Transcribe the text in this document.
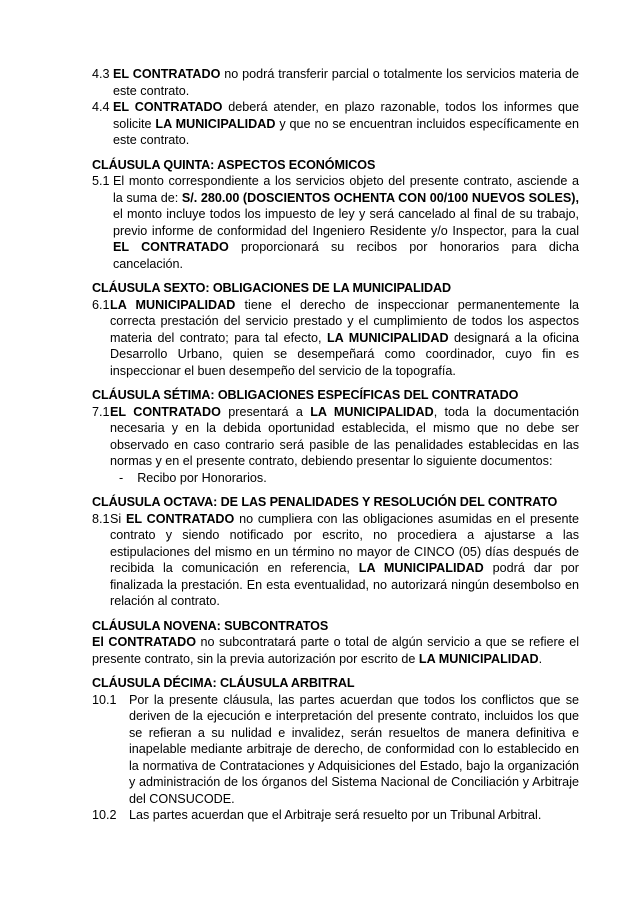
4.3 EL CONTRATADO no podrá transferir parcial o totalmente los servicios materia de este contrato.
4.4 EL CONTRATADO deberá atender, en plazo razonable, todos los informes que solicite LA MUNICIPALIDAD y que no se encuentran incluidos específicamente en este contrato.

CLÁUSULA QUINTA: ASPECTOS ECONÓMICOS

5.1 El monto correspondiente a los servicios objeto del presente contrato, asciende a la suma de: S/. 280.00 (DOSCIENTOS OCHENTA CON 00/100 NUEVOS SOLES), el monto incluye todos los impuesto de ley y será cancelado al final de su trabajo, previo informe de conformidad del Ingeniero Residente y/o Inspector, para la cual EL CONTRATADO proporcionará su recibos por honorarios para dicha cancelación.

CLÁUSULA SEXTO: OBLIGACIONES DE LA MUNICIPALIDAD

6.1 LA MUNICIPALIDAD tiene el derecho de inspeccionar permanentemente la correcta prestación del servicio prestado y el cumplimiento de todos los aspectos materia del contrato; para tal efecto, LA MUNICIPALIDAD designará a la oficina Desarrollo Urbano, quien se desempeñará como coordinador, cuyo fin es inspeccionar el buen desempeño del servicio de la topografía.

CLÁUSULA SÉTIMA: OBLIGACIONES ESPECÍFICAS DEL CONTRATADO

7.1 EL CONTRATADO presentará a LA MUNICIPALIDAD, toda la documentación necesaria y en la debida oportunidad establecida, el mismo que no debe ser observado en caso contrario será pasible de las penalidades establecidas en las normas y en el presente contrato, debiendo presentar lo siguiente documentos:
-    Recibo por Honorarios.

CLÁUSULA OCTAVA: DE LAS PENALIDADES Y RESOLUCIÓN DEL CONTRATO

8.1 Si EL CONTRATADO no cumpliera con las obligaciones asumidas en el presente contrato y siendo notificado por escrito, no procediera a ajustarse a las estipulaciones del mismo en un término no mayor de CINCO (05) días después de recibida la comunicación en referencia, LA MUNICIPALIDAD podrá dar por finalizada la prestación. En esta eventualidad, no autorizará ningún desembolso en relación al contrato.

CLÁUSULA NOVENA: SUBCONTRATOS

El CONTRATADO no subcontratará parte o total de algún servicio a que se refiere el presente contrato, sin la previa autorización por escrito de LA MUNICIPALIDAD.

CLÁUSULA DÉCIMA: CLÁUSULA ARBITRAL

10.1 Por la presente cláusula, las partes acuerdan que todos los conflictos que se deriven de la ejecución e interpretación del presente contrato, incluidos los que se refieran a su nulidad e invalidez, serán resueltos de manera definitiva e inapelable mediante arbitraje de derecho, de conformidad con lo establecido en la normativa de Contrataciones y Adquisiciones del Estado, bajo la organización y administración de los órganos del Sistema Nacional de Conciliación y Arbitraje del CONSUCODE.
10.2 Las partes acuerdan que el Arbitraje será resuelto por un Tribunal Arbitral.
